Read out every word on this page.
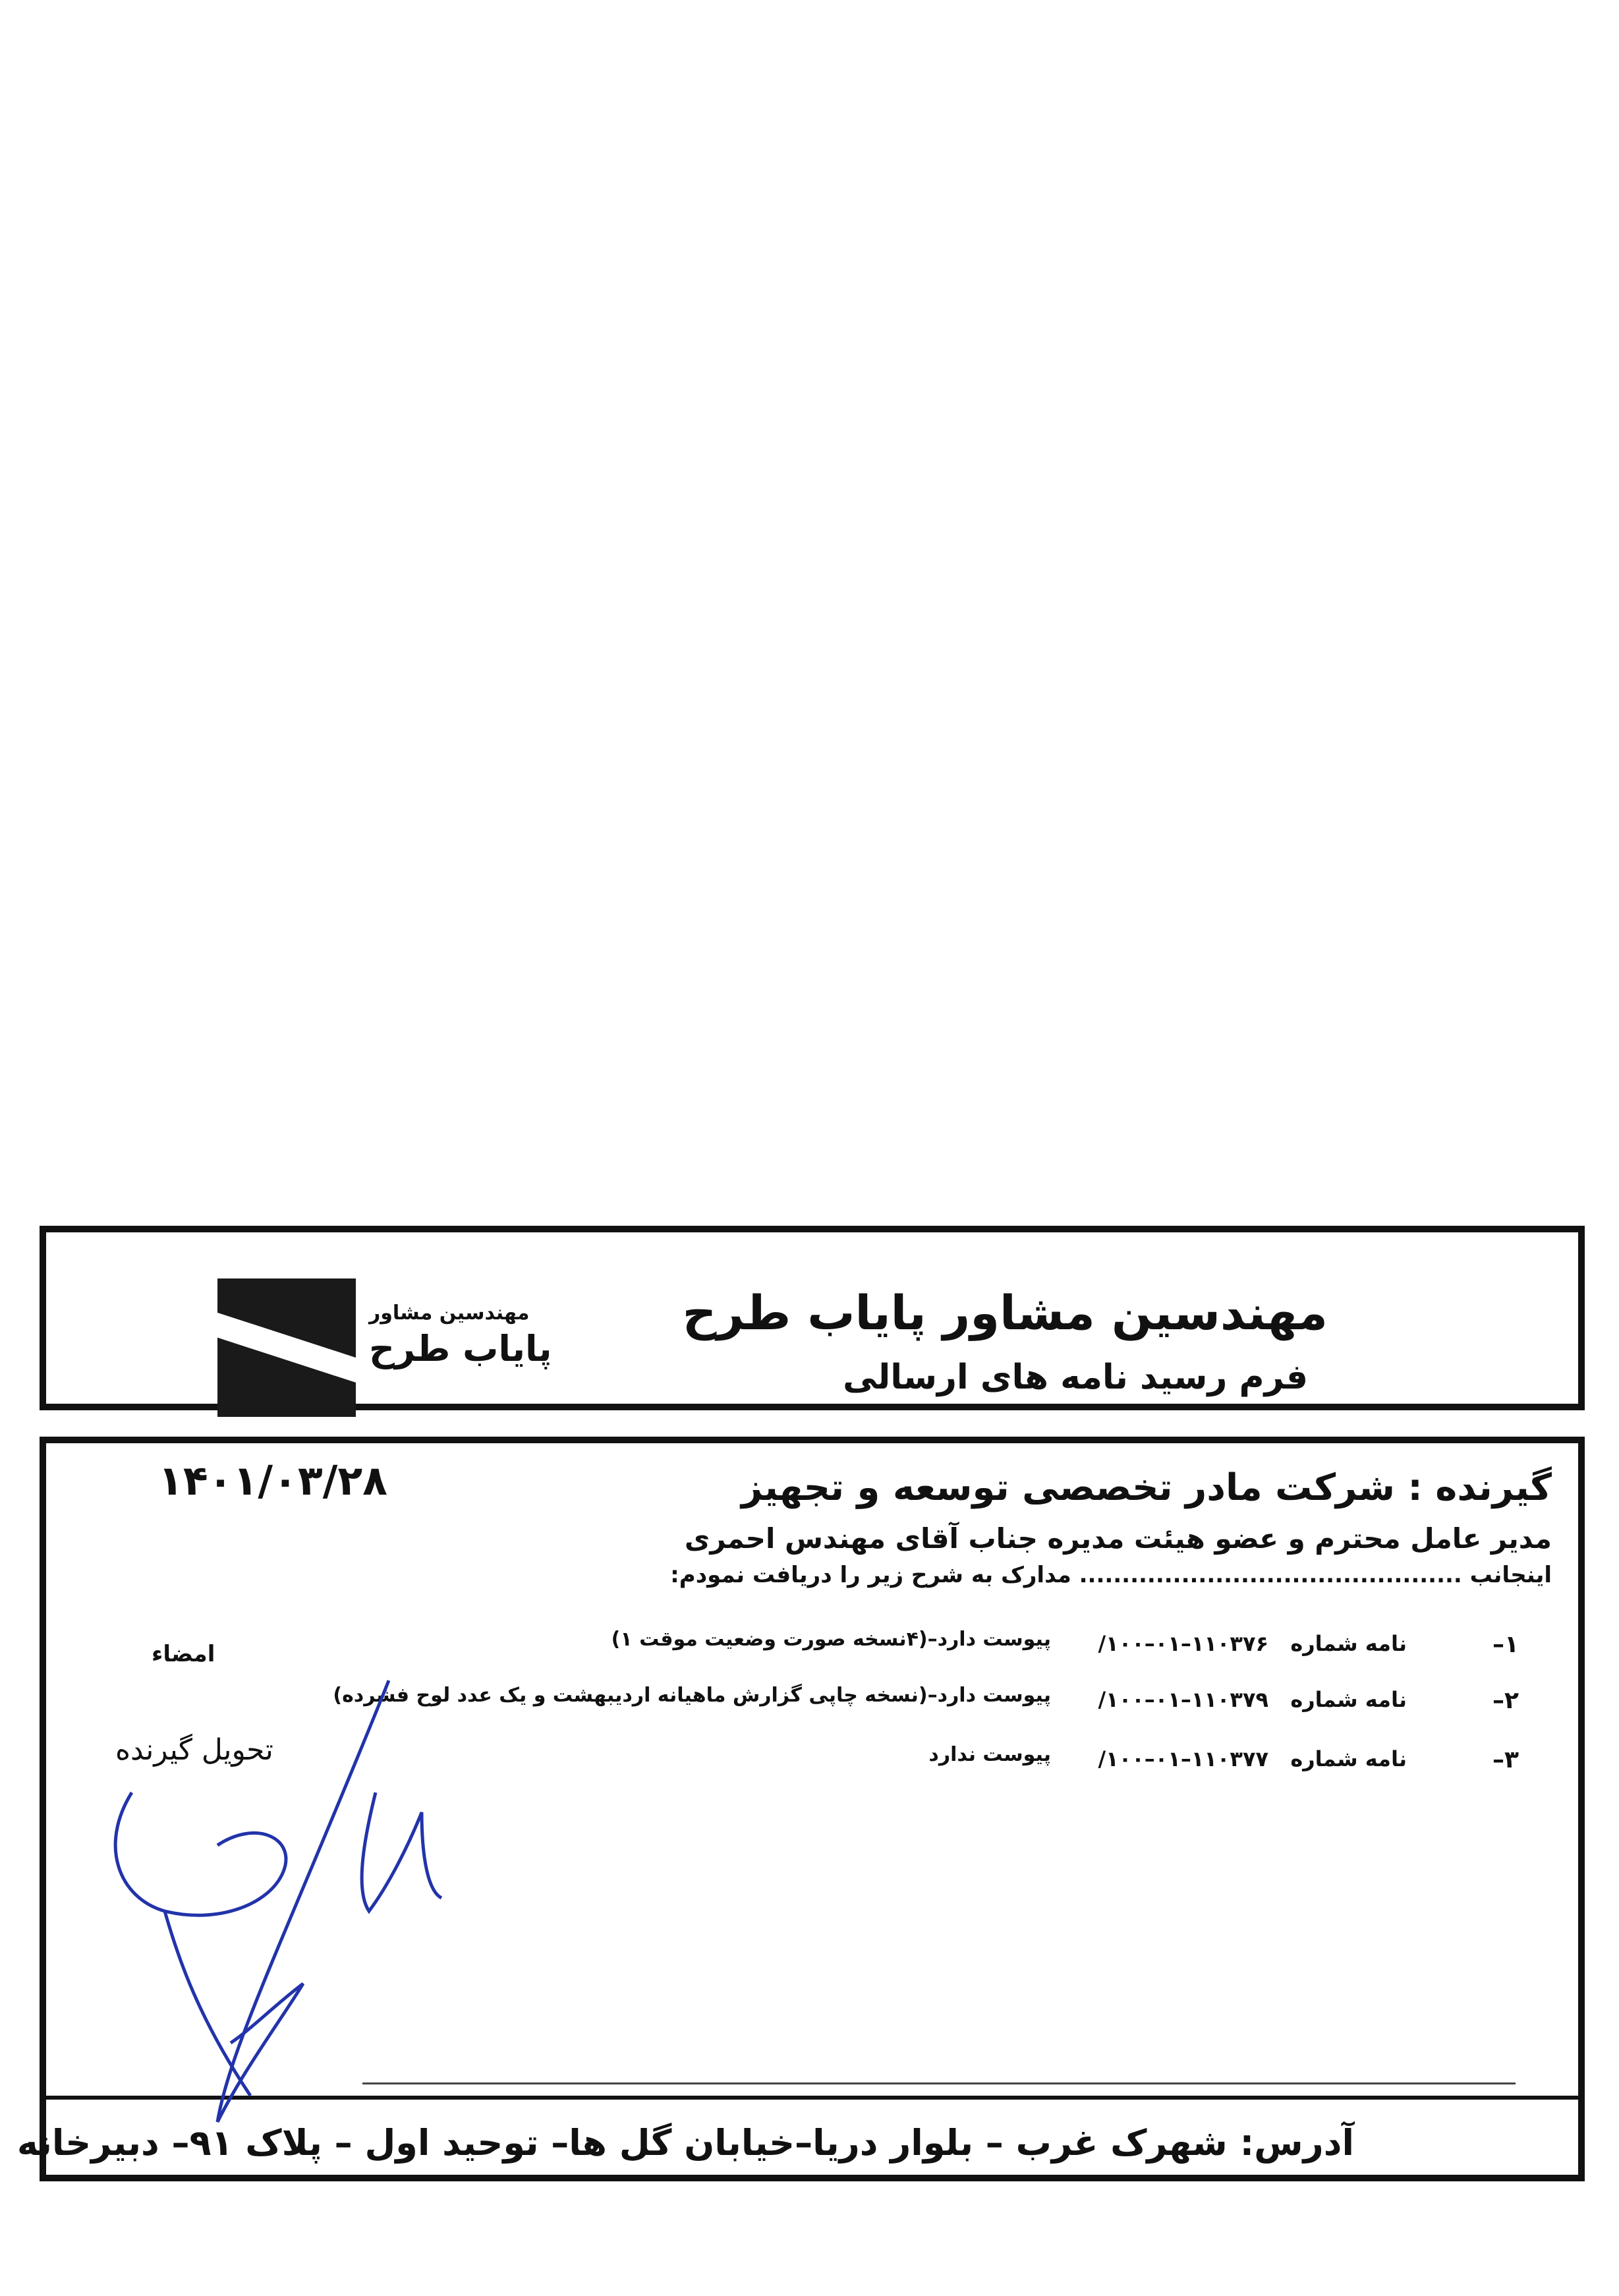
مهندسین مشاور
پایاب طرح
مهندسین مشاور پایاب طرح
فرم رسید نامه های ارسالی
۱۴۰۱/۰۳/۲۸	گیرنده : شرکت مادر تخصصی توسعه و تجهیز
مدیر عامل محترم و عضو هیئت مدیره جناب آقای مهندس احمری
اینجانب ............................................. مدارک به شرح زیر را دریافت نمودم:
۱–
نامه شماره
۱۱۰۳۷۶–۰۱–۱۰۰/
پیوست دارد–(۴نسخه صورت وضعیت موقت ۱)
۲–
نامه شماره
۱۱۰۳۷۹–۰۱–۱۰۰/
پیوست دارد–(نسخه چاپی گزارش ماهیانه اردیبهشت و یک عدد لوح فشرده)
۳–
نامه شماره
۱۱۰۳۷۷–۰۱–۱۰۰/
پیوست ندارد
امضاء
تحویل گیرنده
آدرس: شهرک غرب – بلوار دریا–خیابان گل ها– توحید اول – پلاک ۹۱– دبیرخانه
